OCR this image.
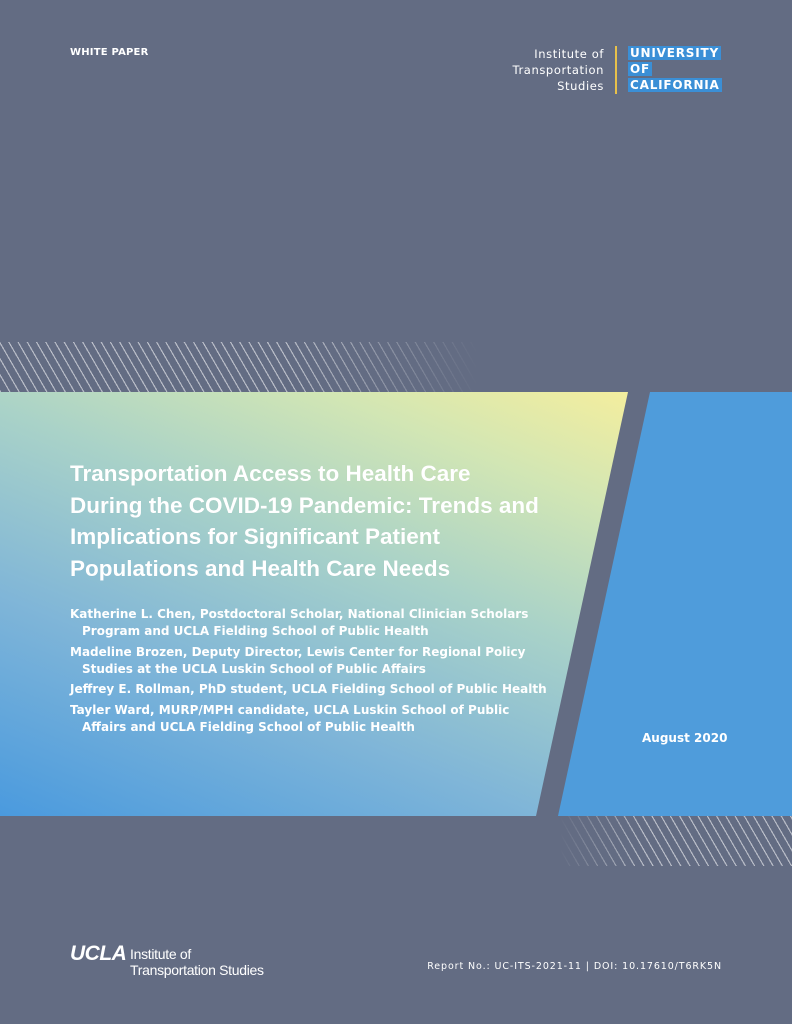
WHITE PAPER	Institute of
Transportation
Studies
UNIVERSITY
OF
CALIFORNIA
Transportation Access to Health Care During the COVID-19 Pandemic: Trends and Implications for Significant Patient Populations and Health Care Needs

Katherine L. Chen, Postdoctoral Scholar, National Clinician Scholars Program and UCLA Fielding School of Public Health

Madeline Brozen, Deputy Director, Lewis Center for Regional Policy Studies at the UCLA Luskin School of Public Affairs

Jeffrey E. Rollman, PhD student, UCLA Fielding School of Public Health

Tayler Ward, MURP/MPH candidate, UCLA Luskin School of Public Affairs and UCLA Fielding School of Public Health

August 2020
UCLA Institute of
Transportation Studies	Report No.: UC-ITS-2021-11 | DOI: 10.17610/T6RK5N
